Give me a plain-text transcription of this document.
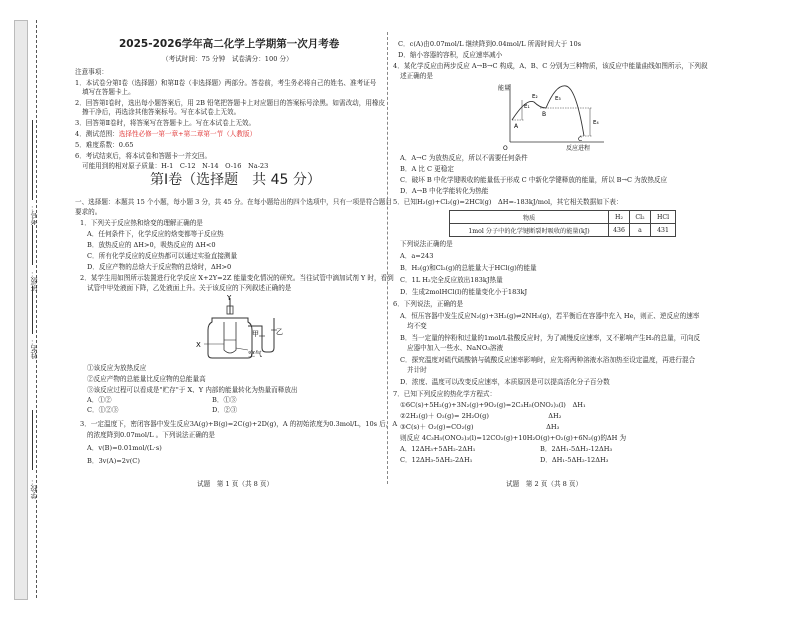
学校：
姓名：
班级：
考号：
2025-2026学年高二化学上学期第一次月考卷
（考试时间：75 分钟　试卷满分：100 分）
注意事项：
1．本试卷分第Ⅰ卷（选择题）和第Ⅱ卷（非选择题）两部分。答卷前，考生务必将自己的姓名、准考证号
填写在答题卡上。
2．回答第Ⅰ卷时，选出每小题答案后，用 2B 铅笔把答题卡上对应题目的答案标号涂黑。如需改动，用橡皮
擦干净后，再选涂其他答案标号。写在本试卷上无效。
3．回答第Ⅱ卷时，将答案写在答题卡上。写在本试卷上无效。
4．测试范围：选择性必修一第一章+第二章第一节（人教版）
5．难度系数：0.65
6．考试结束后，将本试卷和答题卡一并交回。
可能用到的相对原子质量：H-1　C-12　N-14　O-16　Na-23
第Ⅰ卷（选择题　共 45 分）
一、选择题：本题共 15 个小题，每小题 3 分，共 45 分。在每小题给出的四个选项中，只有一项是符合题目
要求的。
1．下列关于反应热和焓变的理解正确的是
A．任何条件下，化学反应的焓变都等于反应热
B．放热反应的 ΔH>0，吸热反应的 ΔH<0
C．所有化学反应的反应热都可以通过实验直接测量
D．反应产物的总焓大于反应物的总焓时，ΔH>0
2．某学生用如图所示装置进行化学反应 X+2Y=2Z 能量变化情况的研究。当往试管中滴加试剂 Y 时，看到
试管中甲处液面下降，乙处液面上升。关于该反应的下列叙述正确的是
Y
甲 乙
X
空气
①该反应为放热反应
②反应产物的总能量比反应物的总能量高
③该反应过程可以看成是"贮存"于 X、Y 内部的能量转化为热量而释放出
A．①②	B．①③
C．①②③	D．②③
3．一定温度下，密闭容器中发生反应3A(g)+B(g)=2C(g)+2D(g)，A 的初始浓度为0.3mol/L，10s 后，A
的浓度降到0.07mol/L 。下列说法正确的是
A．v(B)=0.01mol/(L·s)
B．3v(A)=2v(C)
试题　第 1 页（共 8 页）
C．c(A)由0.07mol/L 继续降到0.04mol/L 所需时间大于 10s
D．缩小容器的容积，反应速率减小
4．某化学反应由两步反应 A→B→C 构成，A、B、C 分别为三种物质，该反应中能量曲线如图所示，下列叙
述正确的是
能量
反应进程
O
E₁
E₂	E₃
E₄
A
B
C
A．A→C 为放热反应，所以不需要任何条件
B．A 比 C 更稳定
C．破坏 B 中化学键吸收的能量低于形成 C 中新化学键释放的能量，所以 B→C 为放热反应
D．A→B 中化学能转化为热能
5．已知H₂(g)+Cl₂(g)=2HCl(g)　ΔH=-183kJ/mol，其它相关数据如下表：
物质	H₂	Cl₂	HCl
1mol 分子中的化学键断裂时吸收的能量(kJ)	436	a	431
下列说法正确的是
A．a=243
B．H₂(g)和Cl₂(g)的总能量大于HCl(g)的能量
C．1L H₂完全反应放出183kJ热量
D．生成2molHCl(l)的能量变化小于183kJ
6．下列说法，正确的是
A．恒压容器中发生反应N₂(g)+3H₂(g)⇌2NH₃(g)，若平衡后在容器中充入 He，则正、逆反应的速率
均不变
B．当一定量的锌粉和过量的1mol/L盐酸反应时，为了减慢反应速率，又不影响产生H₂的总量，可向反
应器中加入一些水、NaNO₃溶液
C．探究温度对硫代硫酸钠与硫酸反应速率影响时，应先将两种溶液水浴加热至设定温度，再进行混合
并计时
D．浓度、温度可以改变反应速率，本质原因是可以提高活化分子百分数
7．已知下列反应的热化学方程式：
①6C(s)+5H₂(g)+3N₂(g)+9O₂(g)=2C₃H₅(ONO₂)₃(l)　ΔH₁
②2H₂(g)＋ O₂(g)= 2H₂O(g)　　　　　　　　　ΔH₂
③C(s)＋ O₂(g)=CO₂(g)　　　　　　　　　　　ΔH₃
则反应 4C₃H₅(ONO₂)₃(l)=12CO₂(g)+10H₂O(g)+O₂(g)+6N₂(g)的ΔH 为
A．12ΔH₃+5ΔH₂-2ΔH₁	B．2ΔH₁-5ΔH₂-12ΔH₃
C．12ΔH₃-5ΔH₂-2ΔH₁	D．ΔH₁-5ΔH₂-12ΔH₃
试题　第 2 页（共 8 页）
